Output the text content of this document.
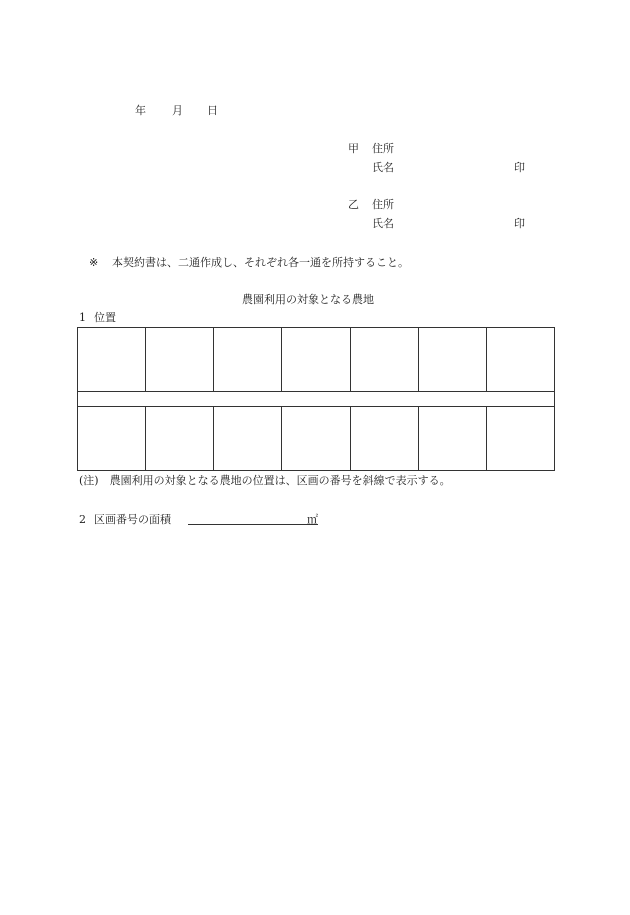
年 月 日
甲 住所
氏名	印
乙 住所
氏名	印
※ 本契約書は、二通作成し、それぞれ各一通を所持すること。
農園利用の対象となる農地
1 位置

(注)　農園利用の対象となる農地の位置は、区画の番号を斜線で表示する。
2 区画番号の面積	㎡
